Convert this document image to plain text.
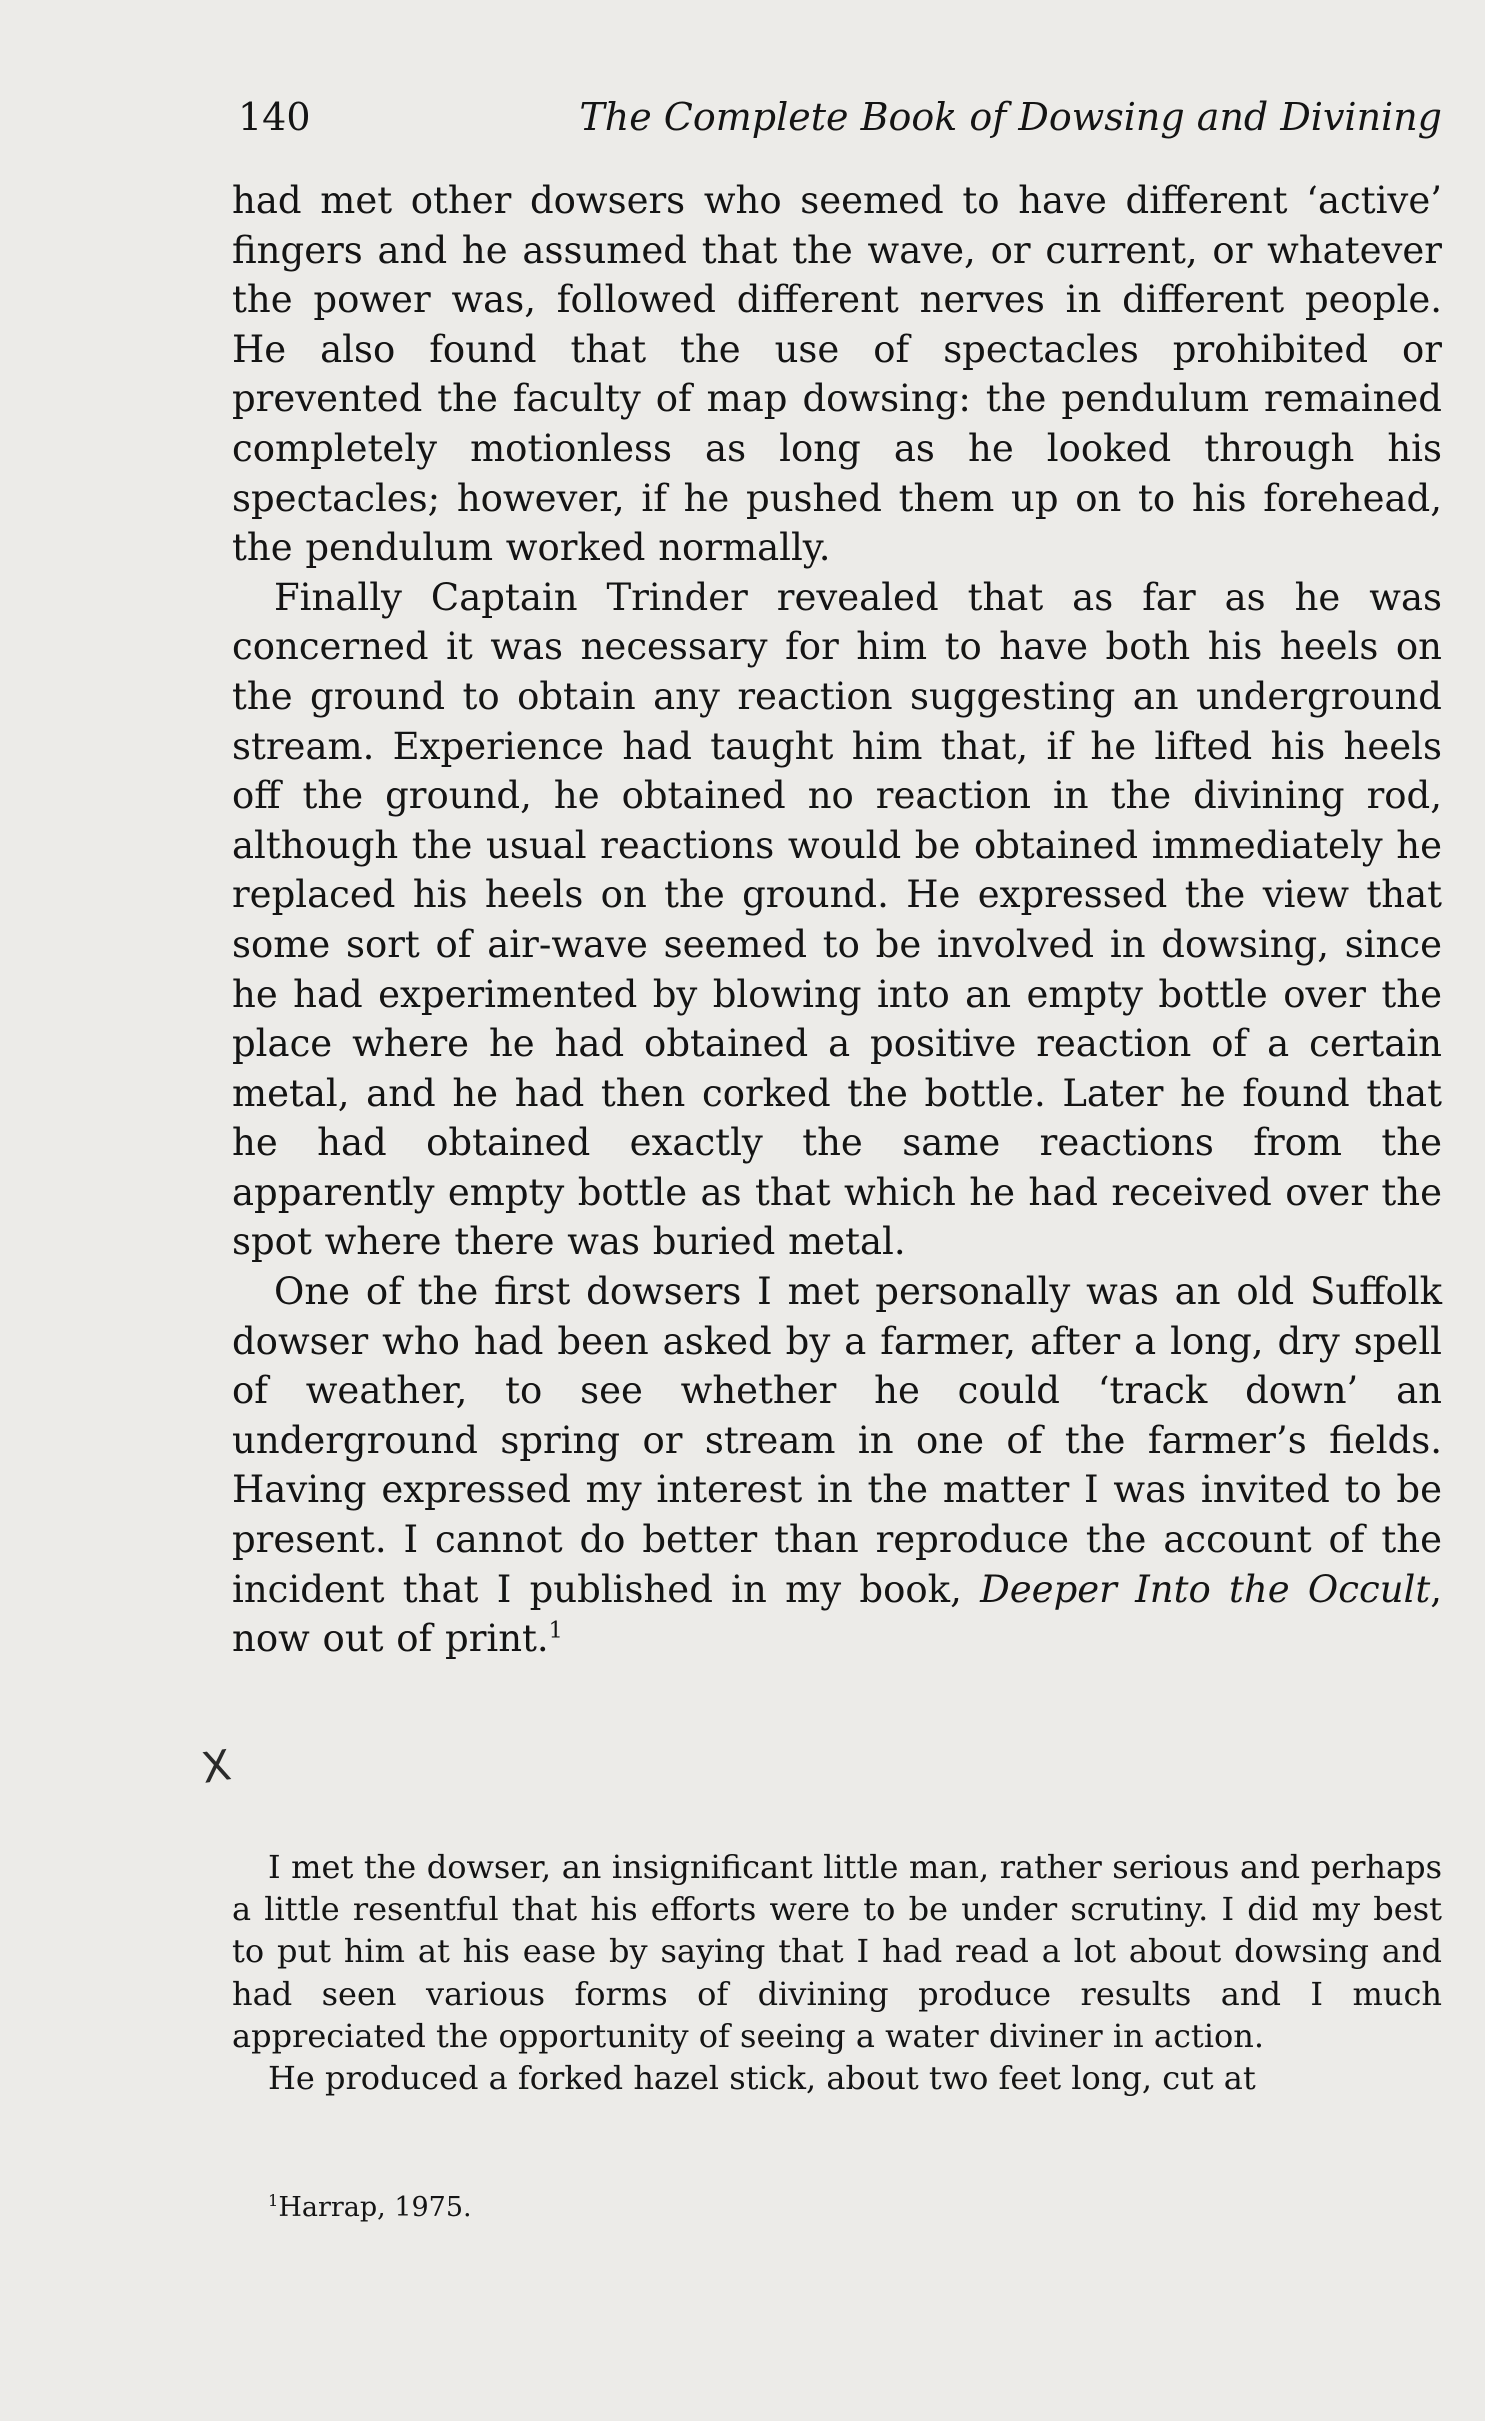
140	The Complete Book of Dowsing and Divining

had met other dowsers who seemed to have different ‘active’ fingers and he assumed that the wave, or current, or whatever the power was, followed different nerves in different people. He also found that the use of spectacles prohibited or prevented the faculty of map dowsing: the pendulum remained completely motionless as long as he looked through his spectacles; however, if he pushed them up on to his forehead, the pendulum worked normally.

Finally Captain Trinder revealed that as far as he was concerned it was necessary for him to have both his heels on the ground to obtain any reaction suggesting an underground stream. Experience had taught him that, if he lifted his heels off the ground, he obtained no reaction in the divining rod, although the usual reactions would be obtained immediately he replaced his heels on the ground. He expressed the view that some sort of air-wave seemed to be involved in dowsing, since he had experimented by blowing into an empty bottle over the place where he had obtained a positive reaction of a certain metal, and he had then corked the bottle. Later he found that he had obtained exactly the same reactions from the apparently empty bottle as that which he had received over the spot where there was buried metal.

One of the first dowsers I met personally was an old Suffolk dowser who had been asked by a farmer, after a long, dry spell of weather, to see whether he could ‘track down’ an underground spring or stream in one of the farmer’s fields. Having expressed my interest in the matter I was invited to be present. I cannot do better than reproduce the account of the incident that I published in my book, Deeper Into the Occult, now out of print.$^1$

X

I met the dowser, an insignificant little man, rather serious and perhaps a little resentful that his efforts were to be under scrutiny. I did my best to put him at his ease by saying that I had read a lot about dowsing and had seen various forms of divining produce results and I much appreciated the opportunity of seeing a water diviner in action.

He produced a forked hazel stick, about two feet long, cut at

$^1$Harrap, 1975.
